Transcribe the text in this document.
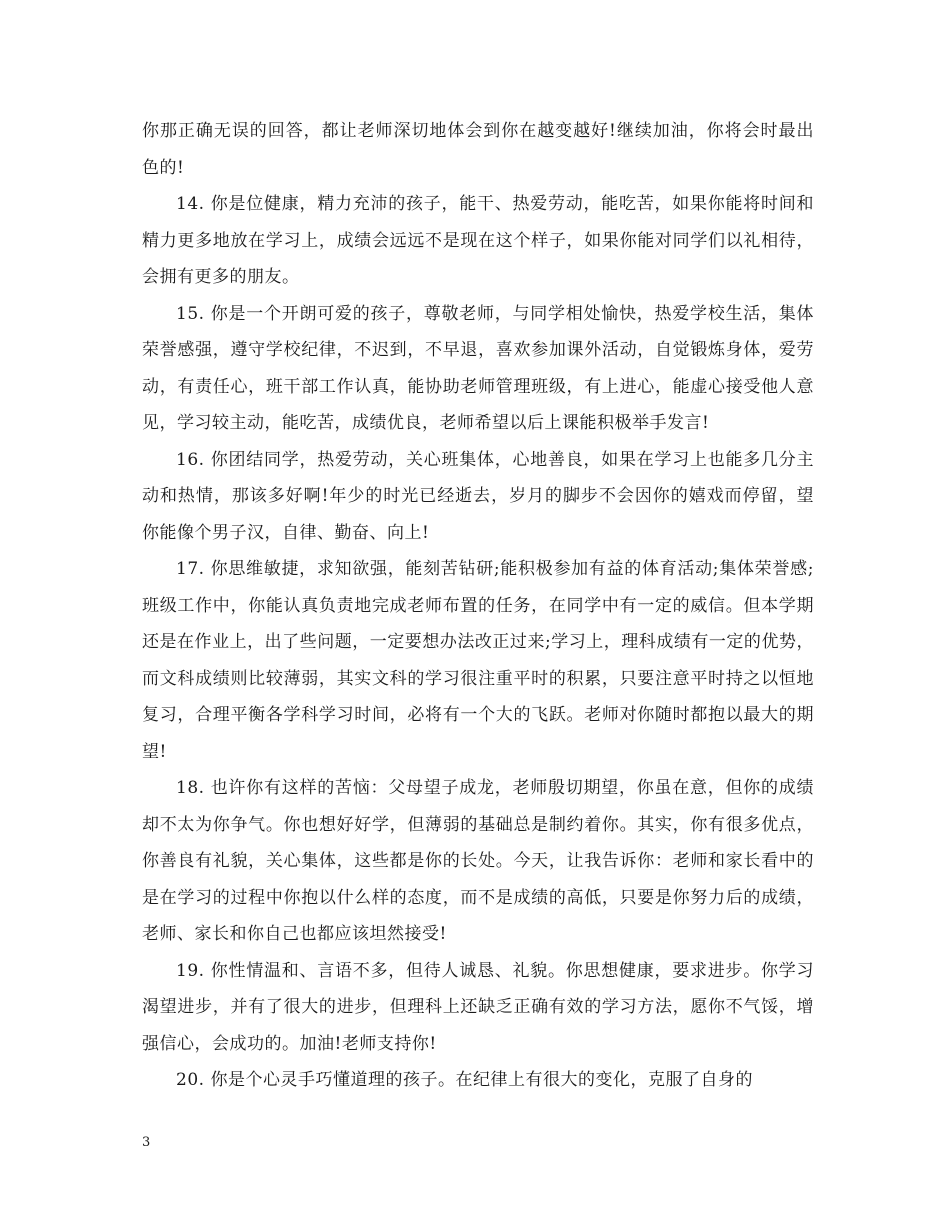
你那正确无误的回答，都让老师深切地体会到你在越变越好!继续加油，你将会时最出色的!

14. 你是位健康，精力充沛的孩子，能干、热爱劳动，能吃苦，如果你能将时间和精力更多地放在学习上，成绩会远远不是现在这个样子，如果你能对同学们以礼相待，会拥有更多的朋友。

15. 你是一个开朗可爱的孩子，尊敬老师，与同学相处愉快，热爱学校生活，集体荣誉感强，遵守学校纪律，不迟到，不早退，喜欢参加课外活动，自觉锻炼身体，爱劳动，有责任心，班干部工作认真，能协助老师管理班级，有上进心，能虚心接受他人意见，学习较主动，能吃苦，成绩优良，老师希望以后上课能积极举手发言!

16. 你团结同学，热爱劳动，关心班集体，心地善良，如果在学习上也能多几分主动和热情，那该多好啊!年少的时光已经逝去，岁月的脚步不会因你的嬉戏而停留，望你能像个男子汉，自律、勤奋、向上!

17. 你思维敏捷，求知欲强，能刻苦钻研;能积极参加有益的体育活动;集体荣誉感;班级工作中，你能认真负责地完成老师布置的任务，在同学中有一定的威信。但本学期还是在作业上，出了些问题，一定要想办法改正过来;学习上，理科成绩有一定的优势，而文科成绩则比较薄弱，其实文科的学习很注重平时的积累，只要注意平时持之以恒地复习，合理平衡各学科学习时间，必将有一个大的飞跃。老师对你随时都抱以最大的期望!

18. 也许你有这样的苦恼：父母望子成龙，老师殷切期望，你虽在意，但你的成绩却不太为你争气。你也想好好学，但薄弱的基础总是制约着你。其实，你有很多优点，你善良有礼貌，关心集体，这些都是你的长处。今天，让我告诉你：老师和家长看中的是在学习的过程中你抱以什么样的态度，而不是成绩的高低，只要是你努力后的成绩，老师、家长和你自己也都应该坦然接受!

19. 你性情温和、言语不多，但待人诚恳、礼貌。你思想健康，要求进步。你学习渴望进步，并有了很大的进步，但理科上还缺乏正确有效的学习方法，愿你不气馁，增强信心，会成功的。加油!老师支持你!

20. 你是个心灵手巧懂道理的孩子。在纪律上有很大的变化，克服了自身的

3
